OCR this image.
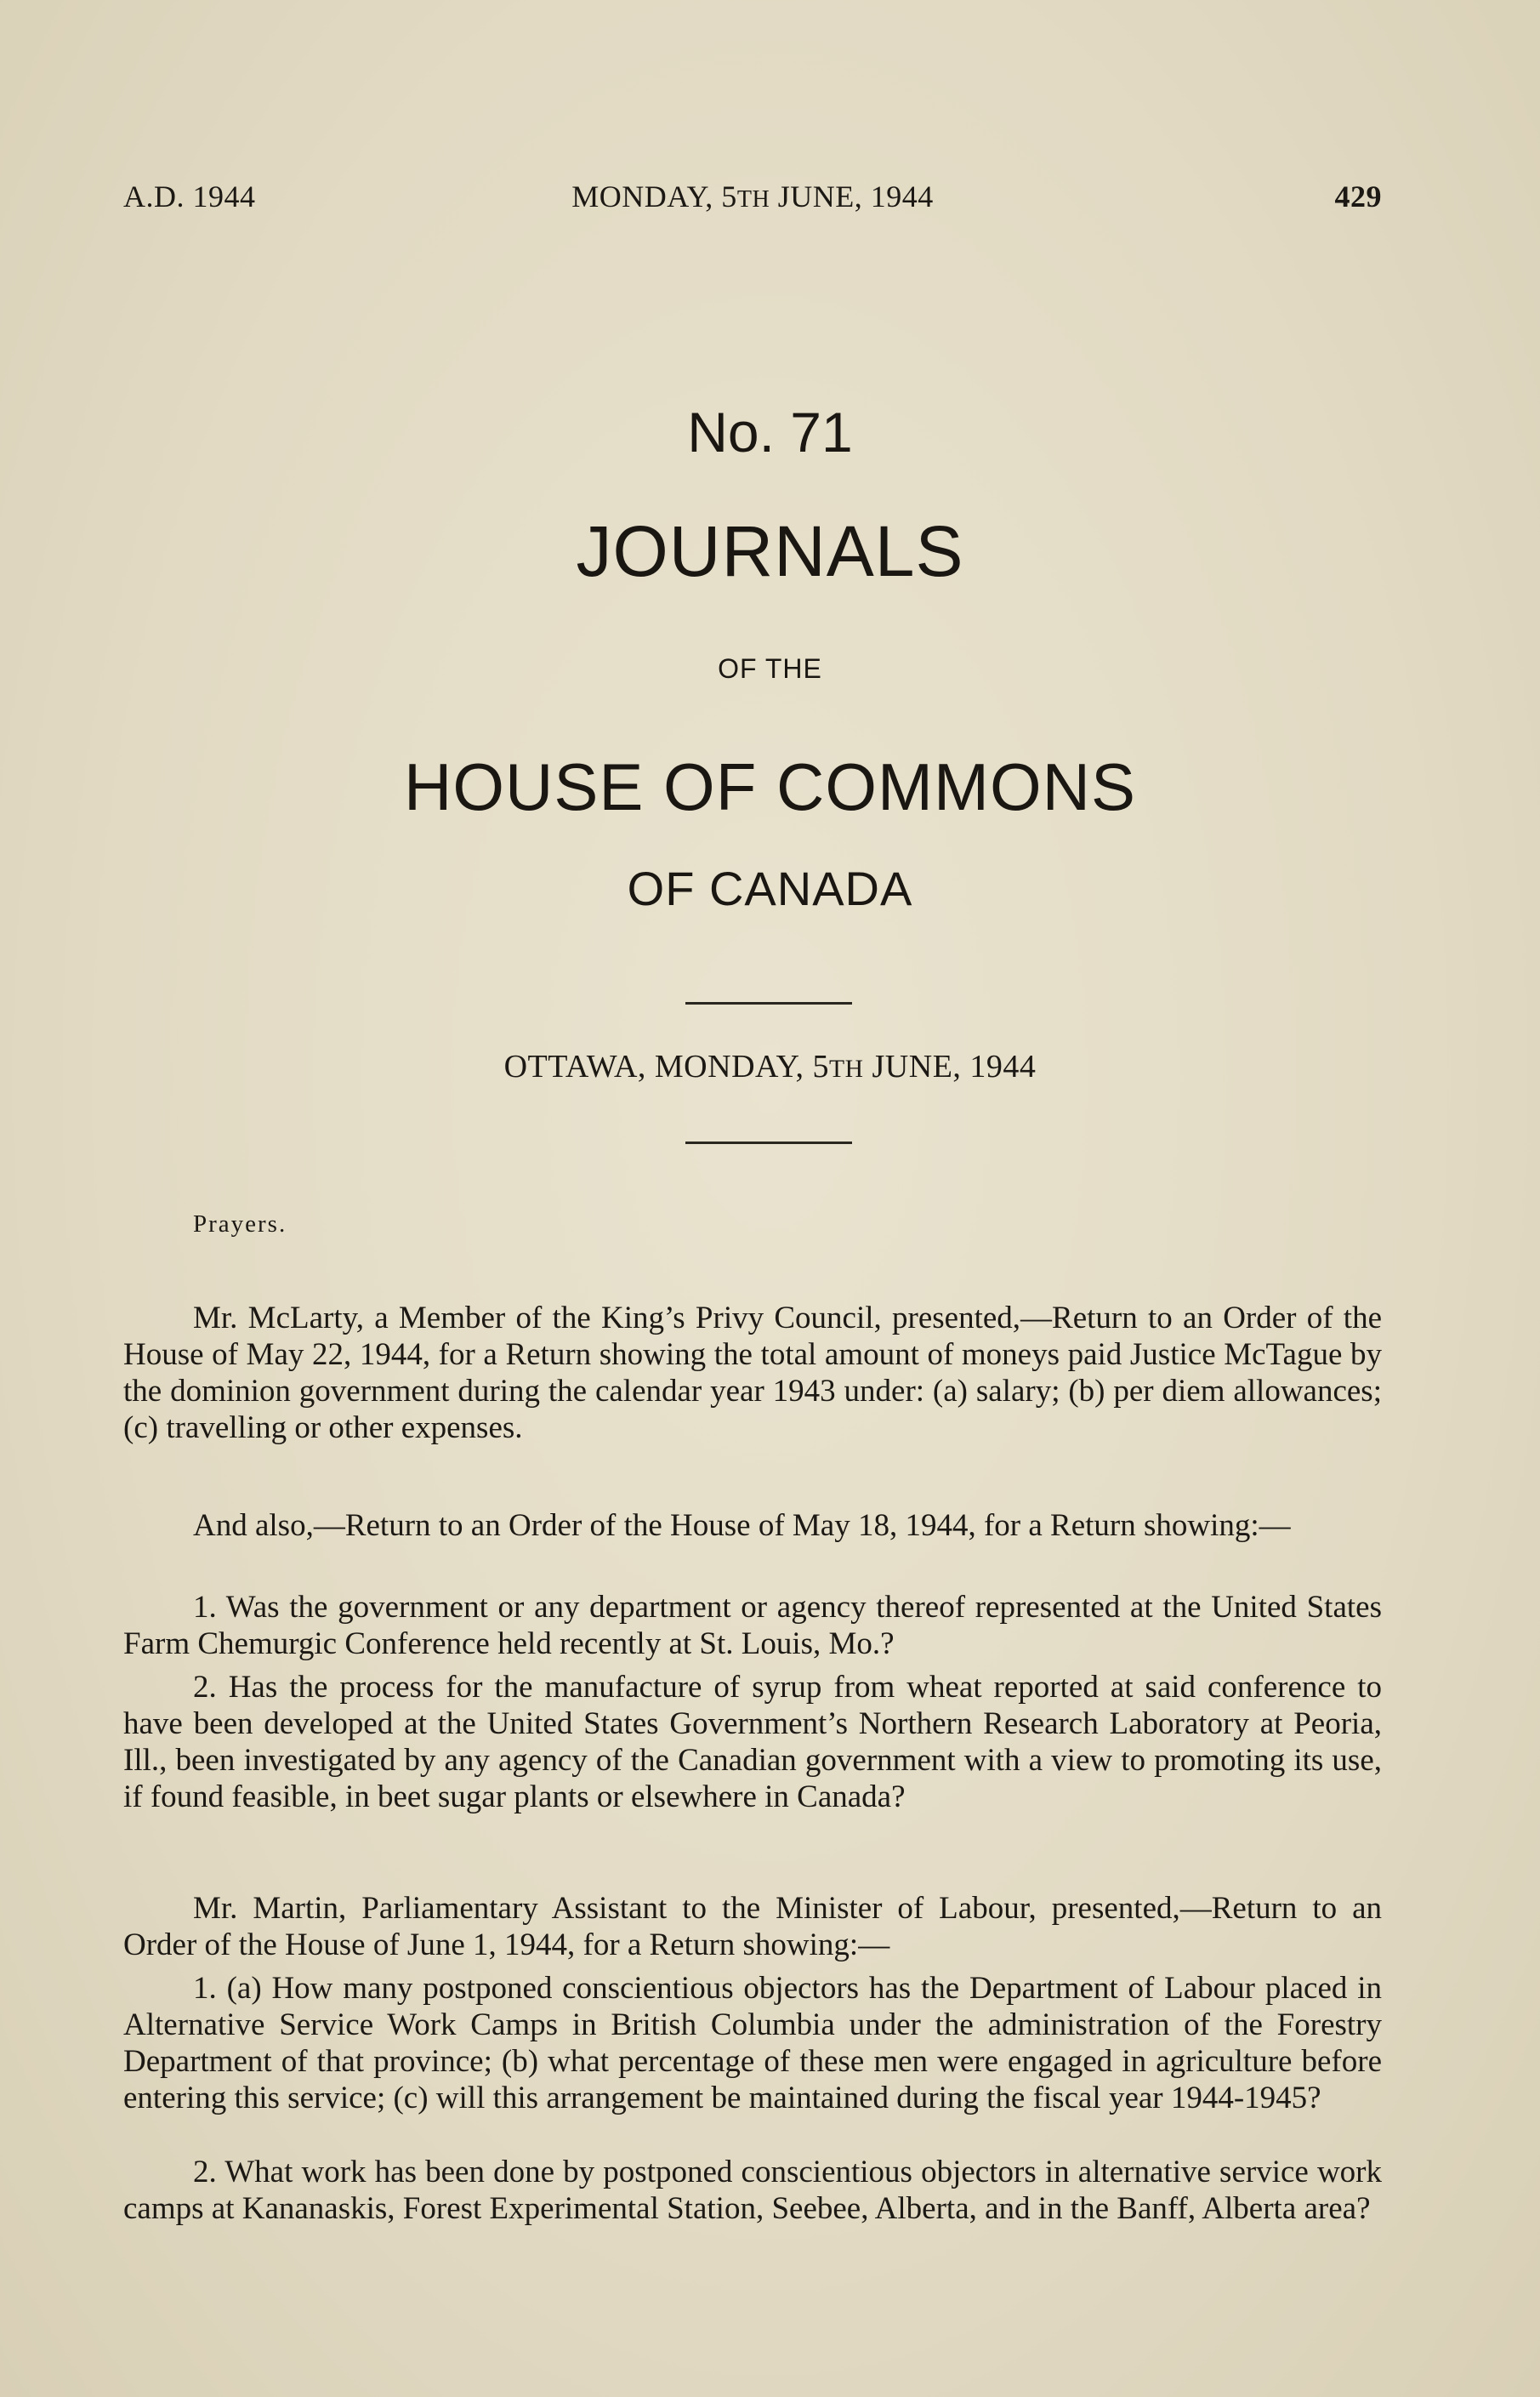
A.D. 1944	MONDAY, 5TH JUNE, 1944	429
No. 71
JOURNALS
OF THE
HOUSE OF COMMONS
OF CANADA
OTTAWA, MONDAY, 5TH JUNE, 1944
Prayers.

Mr. McLarty, a Member of the King’s Privy Council, presented,—Return to an Order of the House of May 22, 1944, for a Return showing the total amount of moneys paid Justice McTague by the dominion government during the calendar year 1943 under: (a) salary; (b) per diem allowances; (c) travelling or other expenses.

And also,—Return to an Order of the House of May 18, 1944, for a Return showing:—

1. Was the government or any department or agency thereof represented at the United States Farm Chemurgic Conference held recently at St. Louis, Mo.?

2. Has the process for the manufacture of syrup from wheat reported at said conference to have been developed at the United States Government’s Northern Research Laboratory at Peoria, Ill., been investigated by any agency of the Canadian government with a view to promoting its use, if found feasible, in beet sugar plants or elsewhere in Canada?

Mr. Martin, Parliamentary Assistant to the Minister of Labour, presented,—Return to an Order of the House of June 1, 1944, for a Return showing:—

1. (a) How many postponed conscientious objectors has the Department of Labour placed in Alternative Service Work Camps in British Columbia under the administration of the Forestry Department of that province; (b) what percentage of these men were engaged in agriculture before entering this service; (c) will this arrangement be maintained during the fiscal year 1944-1945?

2. What work has been done by postponed conscientious objectors in alternative service work camps at Kananaskis, Forest Experimental Station, Seebee, Alberta, and in the Banff, Alberta area?
